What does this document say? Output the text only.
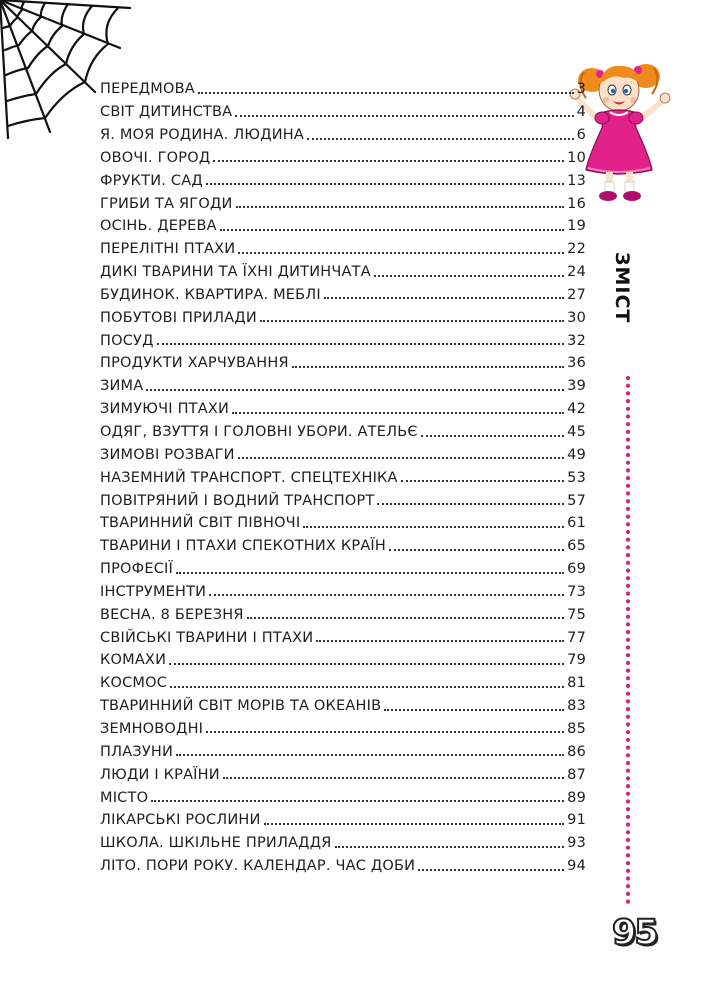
ПЕРЕДМОВА	3
СВІТ ДИТИНСТВА	4
Я. МОЯ РОДИНА. ЛЮДИНА	6
ОВОЧІ. ГОРОД	10
ФРУКТИ. САД	13
ГРИБИ ТА ЯГОДИ	16
ОСІНЬ. ДЕРЕВА	19
ПЕРЕЛІТНІ ПТАХИ	22
ДИКІ ТВАРИНИ ТА ЇХНІ ДИТИНЧАТА	24
БУДИНОК. КВАРТИРА. МЕБЛІ	27
ПОБУТОВІ ПРИЛАДИ	30
ПОСУД	32
ПРОДУКТИ ХАРЧУВАННЯ	36
ЗИМА	39
ЗИМУЮЧІ ПТАХИ	42
ОДЯГ, ВЗУТТЯ І ГОЛОВНІ УБОРИ. АТЕЛЬЄ	45
ЗИМОВІ РОЗВАГИ	49
НАЗЕМНИЙ ТРАНСПОРТ. СПЕЦТЕХНІКА	53
ПОВІТРЯНИЙ І ВОДНИЙ ТРАНСПОРТ	57
ТВАРИННИЙ СВІТ ПІВНОЧІ	61
ТВАРИНИ І ПТАХИ СПЕКОТНИХ КРАЇН	65
ПРОФЕСІЇ	69
ІНСТРУМЕНТИ	73
ВЕСНА. 8 БЕРЕЗНЯ	75
СВІЙСЬКІ ТВАРИНИ І ПТАХИ	77
КОМАХИ	79
КОСМОС	81
ТВАРИННИЙ СВІТ МОРІВ ТА ОКЕАНІВ	83
ЗЕМНОВОДНІ	85
ПЛАЗУНИ	86
ЛЮДИ І КРАЇНИ	87
МІСТО	89
ЛІКАРСЬКІ РОСЛИНИ	91
ШКОЛА. ШКІЛЬНЕ ПРИЛАДДЯ	93
ЛІТО. ПОРИ РОКУ. КАЛЕНДАР. ЧАС ДОБИ	94
ЗМІСТ
95
